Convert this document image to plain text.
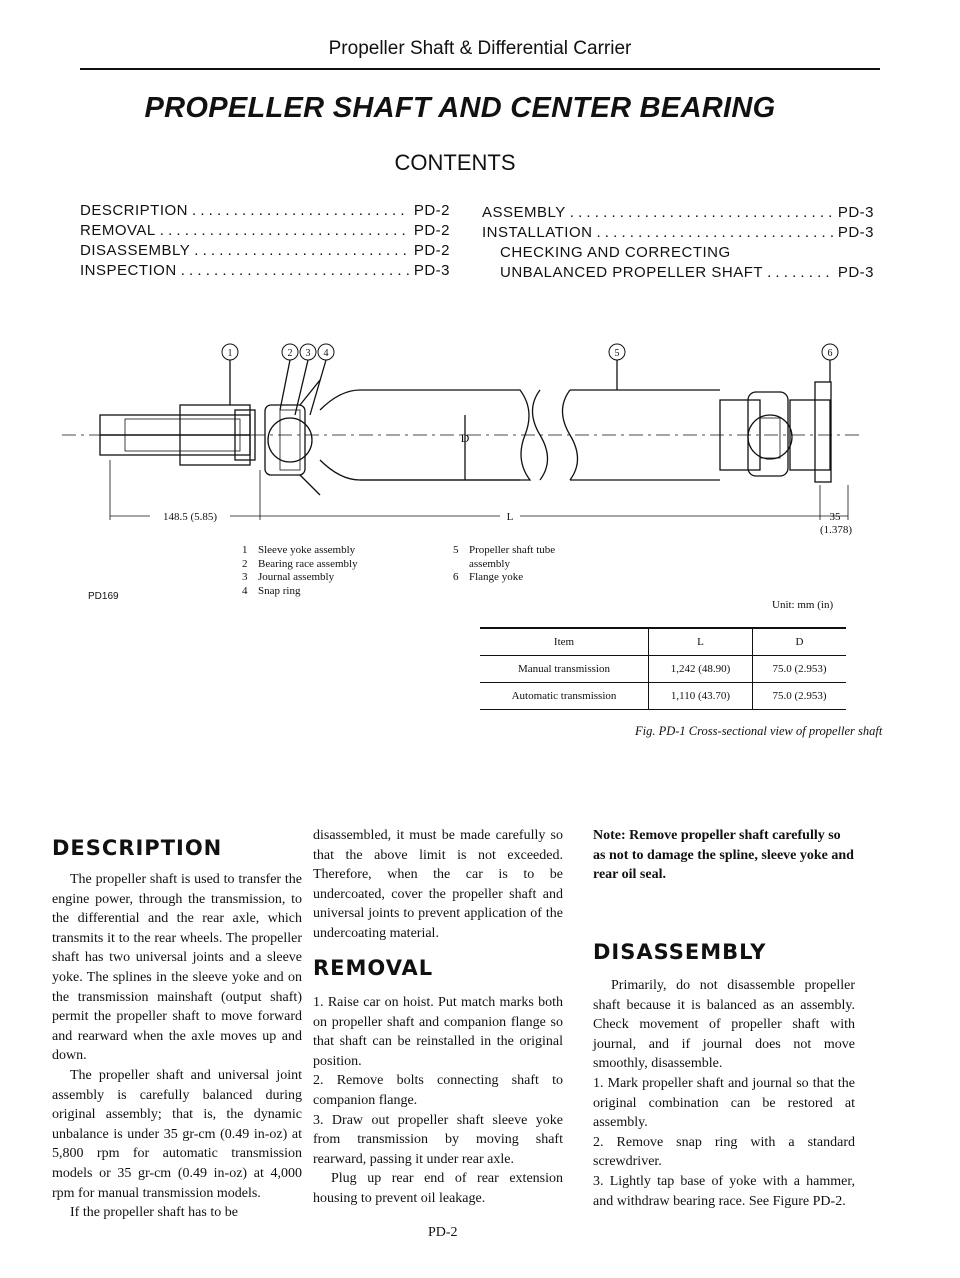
Propeller Shaft & Differential Carrier
PROPELLER SHAFT AND CENTER BEARING
CONTENTS
DESCRIPTION . . .	PD-2
REMOVAL . . .	PD-2
DISASSEMBLY . . .	PD-2
INSPECTION . . .	PD-3
ASSEMBLY . . .	PD-3
INSTALLATION . . .	PD-3
CHECKING AND CORRECTING
UNBALANCED PROPELLER SHAFT . . .	PD-3
1	2 3 4	5	6
D
148.5 (5.85)	L	35
(1.378)
PD169
1 Sleeve yoke assembly
2 Bearing race assembly
3 Journal assembly
4 Snap ring
5 Propeller shaft tube
assembly
6 Flange yoke
Unit: mm (in)
Item	L	D
Manual transmission	1,242 (48.90)	75.0 (2.953)
Automatic transmission	1,110 (43.70)	75.0 (2.953)
Fig. PD-1 Cross-sectional view of propeller shaft
DESCRIPTION

The propeller shaft is used to transfer the engine power, through the transmission, to the differential and the rear axle, which transmits it to the rear wheels. The propeller shaft has two universal joints and a sleeve yoke. The splines in the sleeve yoke and on the transmission mainshaft (output shaft) permit the propeller shaft to move forward and rearward when the axle moves up and down.

The propeller shaft and universal joint assembly is carefully balanced during original assembly; that is, the dynamic unbalance is under 35 gr-cm (0.49 in-oz) at 5,800 rpm for automatic transmission models or 35 gr-cm (0.49 in-oz) at 4,000 rpm for manual transmission models.

If the propeller shaft has to be

disassembled, it must be made carefully so that the above limit is not exceeded. Therefore, when the car is to be undercoated, cover the propeller shaft and universal joints to prevent application of the undercoating material.

REMOVAL

1. Raise car on hoist. Put match marks both on propeller shaft and companion flange so that shaft can be reinstalled in the original position.

2. Remove bolts connecting shaft to companion flange.

3. Draw out propeller shaft sleeve yoke from transmission by moving shaft rearward, passing it under rear axle.

Plug up rear end of rear extension housing to prevent oil leakage.

PD-2

Note: Remove propeller shaft carefully so as not to damage the spline, sleeve yoke and rear oil seal.

DISASSEMBLY

Primarily, do not disassemble propeller shaft because it is balanced as an assembly. Check movement of propeller shaft with journal, and if journal does not move smoothly, disassemble.

1. Mark propeller shaft and journal so that the original combination can be restored at assembly.

2. Remove snap ring with a standard screwdriver.

3. Lightly tap base of yoke with a hammer, and withdraw bearing race. See Figure PD-2.
